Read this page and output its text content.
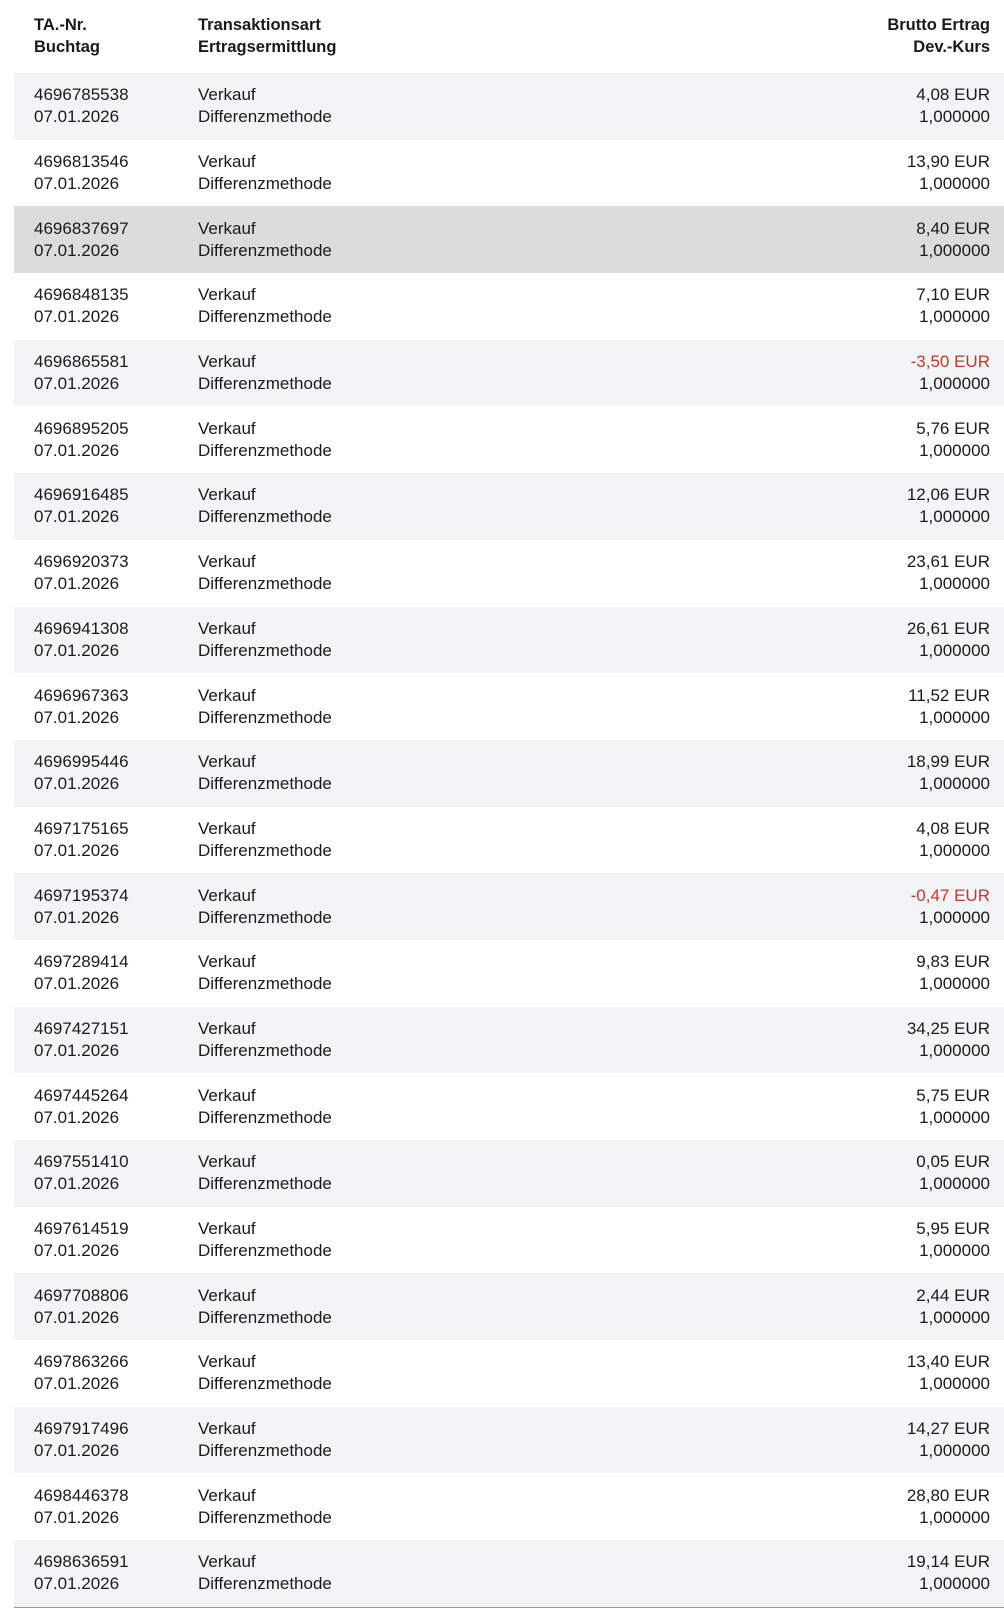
TA.-Nr.
Buchtag
Transaktionsart
Ertragsermittlung
Brutto Ertrag
Dev.-Kurs
4696785538
07.01.2026
Verkauf
Differenzmethode
4,08 EUR
1,000000
4696813546
07.01.2026
Verkauf
Differenzmethode
13,90 EUR
1,000000
4696837697
07.01.2026
Verkauf
Differenzmethode
8,40 EUR
1,000000
4696848135
07.01.2026
Verkauf
Differenzmethode
7,10 EUR
1,000000
4696865581
07.01.2026
Verkauf
Differenzmethode
-3,50 EUR
1,000000
4696895205
07.01.2026
Verkauf
Differenzmethode
5,76 EUR
1,000000
4696916485
07.01.2026
Verkauf
Differenzmethode
12,06 EUR
1,000000
4696920373
07.01.2026
Verkauf
Differenzmethode
23,61 EUR
1,000000
4696941308
07.01.2026
Verkauf
Differenzmethode
26,61 EUR
1,000000
4696967363
07.01.2026
Verkauf
Differenzmethode
11,52 EUR
1,000000
4696995446
07.01.2026
Verkauf
Differenzmethode
18,99 EUR
1,000000
4697175165
07.01.2026
Verkauf
Differenzmethode
4,08 EUR
1,000000
4697195374
07.01.2026
Verkauf
Differenzmethode
-0,47 EUR
1,000000
4697289414
07.01.2026
Verkauf
Differenzmethode
9,83 EUR
1,000000
4697427151
07.01.2026
Verkauf
Differenzmethode
34,25 EUR
1,000000
4697445264
07.01.2026
Verkauf
Differenzmethode
5,75 EUR
1,000000
4697551410
07.01.2026
Verkauf
Differenzmethode
0,05 EUR
1,000000
4697614519
07.01.2026
Verkauf
Differenzmethode
5,95 EUR
1,000000
4697708806
07.01.2026
Verkauf
Differenzmethode
2,44 EUR
1,000000
4697863266
07.01.2026
Verkauf
Differenzmethode
13,40 EUR
1,000000
4697917496
07.01.2026
Verkauf
Differenzmethode
14,27 EUR
1,000000
4698446378
07.01.2026
Verkauf
Differenzmethode
28,80 EUR
1,000000
4698636591
07.01.2026
Verkauf
Differenzmethode
19,14 EUR
1,000000
